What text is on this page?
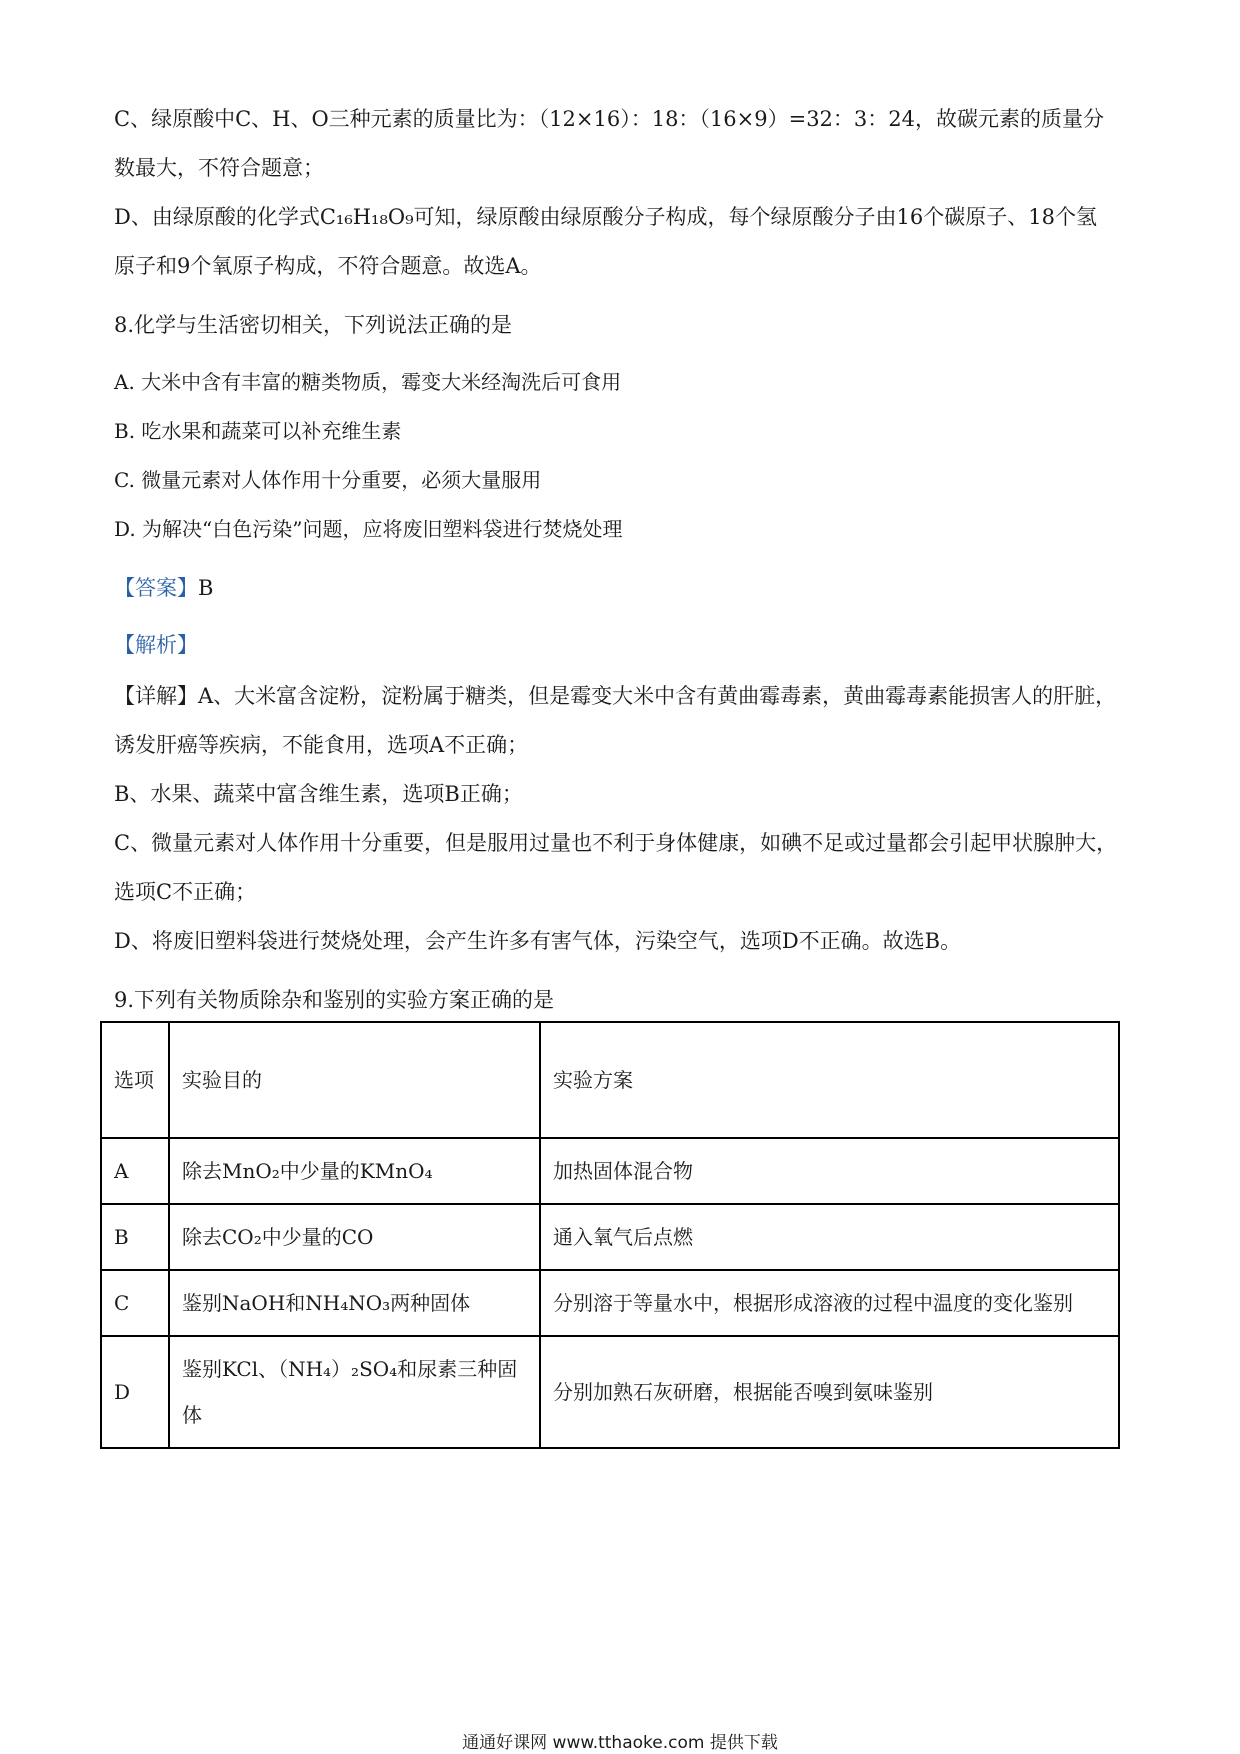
C、绿原酸中C、H、O三种元素的质量比为：（12×16）：18：（16×9）=32：3：24，故碳元素的质量分
数最大，不符合题意；
D、由绿原酸的化学式C₁₆H₁₈O₉可知，绿原酸由绿原酸分子构成，每个绿原酸分子由16个碳原子、18个氢
原子和9个氧原子构成，不符合题意。故选A。
8.化学与生活密切相关，下列说法正确的是
A. 大米中含有丰富的糖类物质，霉变大米经淘洗后可食用
B. 吃水果和蔬菜可以补充维生素
C. 微量元素对人体作用十分重要，必须大量服用
D. 为解决“白色污染”问题，应将废旧塑料袋进行焚烧处理
【答案】B
【解析】
【详解】A、大米富含淀粉，淀粉属于糖类，但是霉变大米中含有黄曲霉毒素，黄曲霉毒素能损害人的肝脏，
诱发肝癌等疾病，不能食用，选项A不正确；
B、水果、蔬菜中富含维生素，选项B正确；
C、微量元素对人体作用十分重要，但是服用过量也不利于身体健康，如碘不足或过量都会引起甲状腺肿大，
选项C不正确；
D、将废旧塑料袋进行焚烧处理，会产生许多有害气体，污染空气，选项D不正确。故选B。
9.下列有关物质除杂和鉴别的实验方案正确的是
选项	实验目的	实验方案
A	除去MnO₂中少量的KMnO₄	加热固体混合物
B	除去CO₂中少量的CO	通入氧气后点燃
C	鉴别NaOH和NH₄NO₃两种固体	分别溶于等量水中，根据形成溶液的过程中温度的变化鉴别
D	鉴别KCl、（NH₄）₂SO₄和尿素三种固体	分别加熟石灰研磨，根据能否嗅到氨味鉴别
通通好课网 www.tthaoke.com 提供下载
